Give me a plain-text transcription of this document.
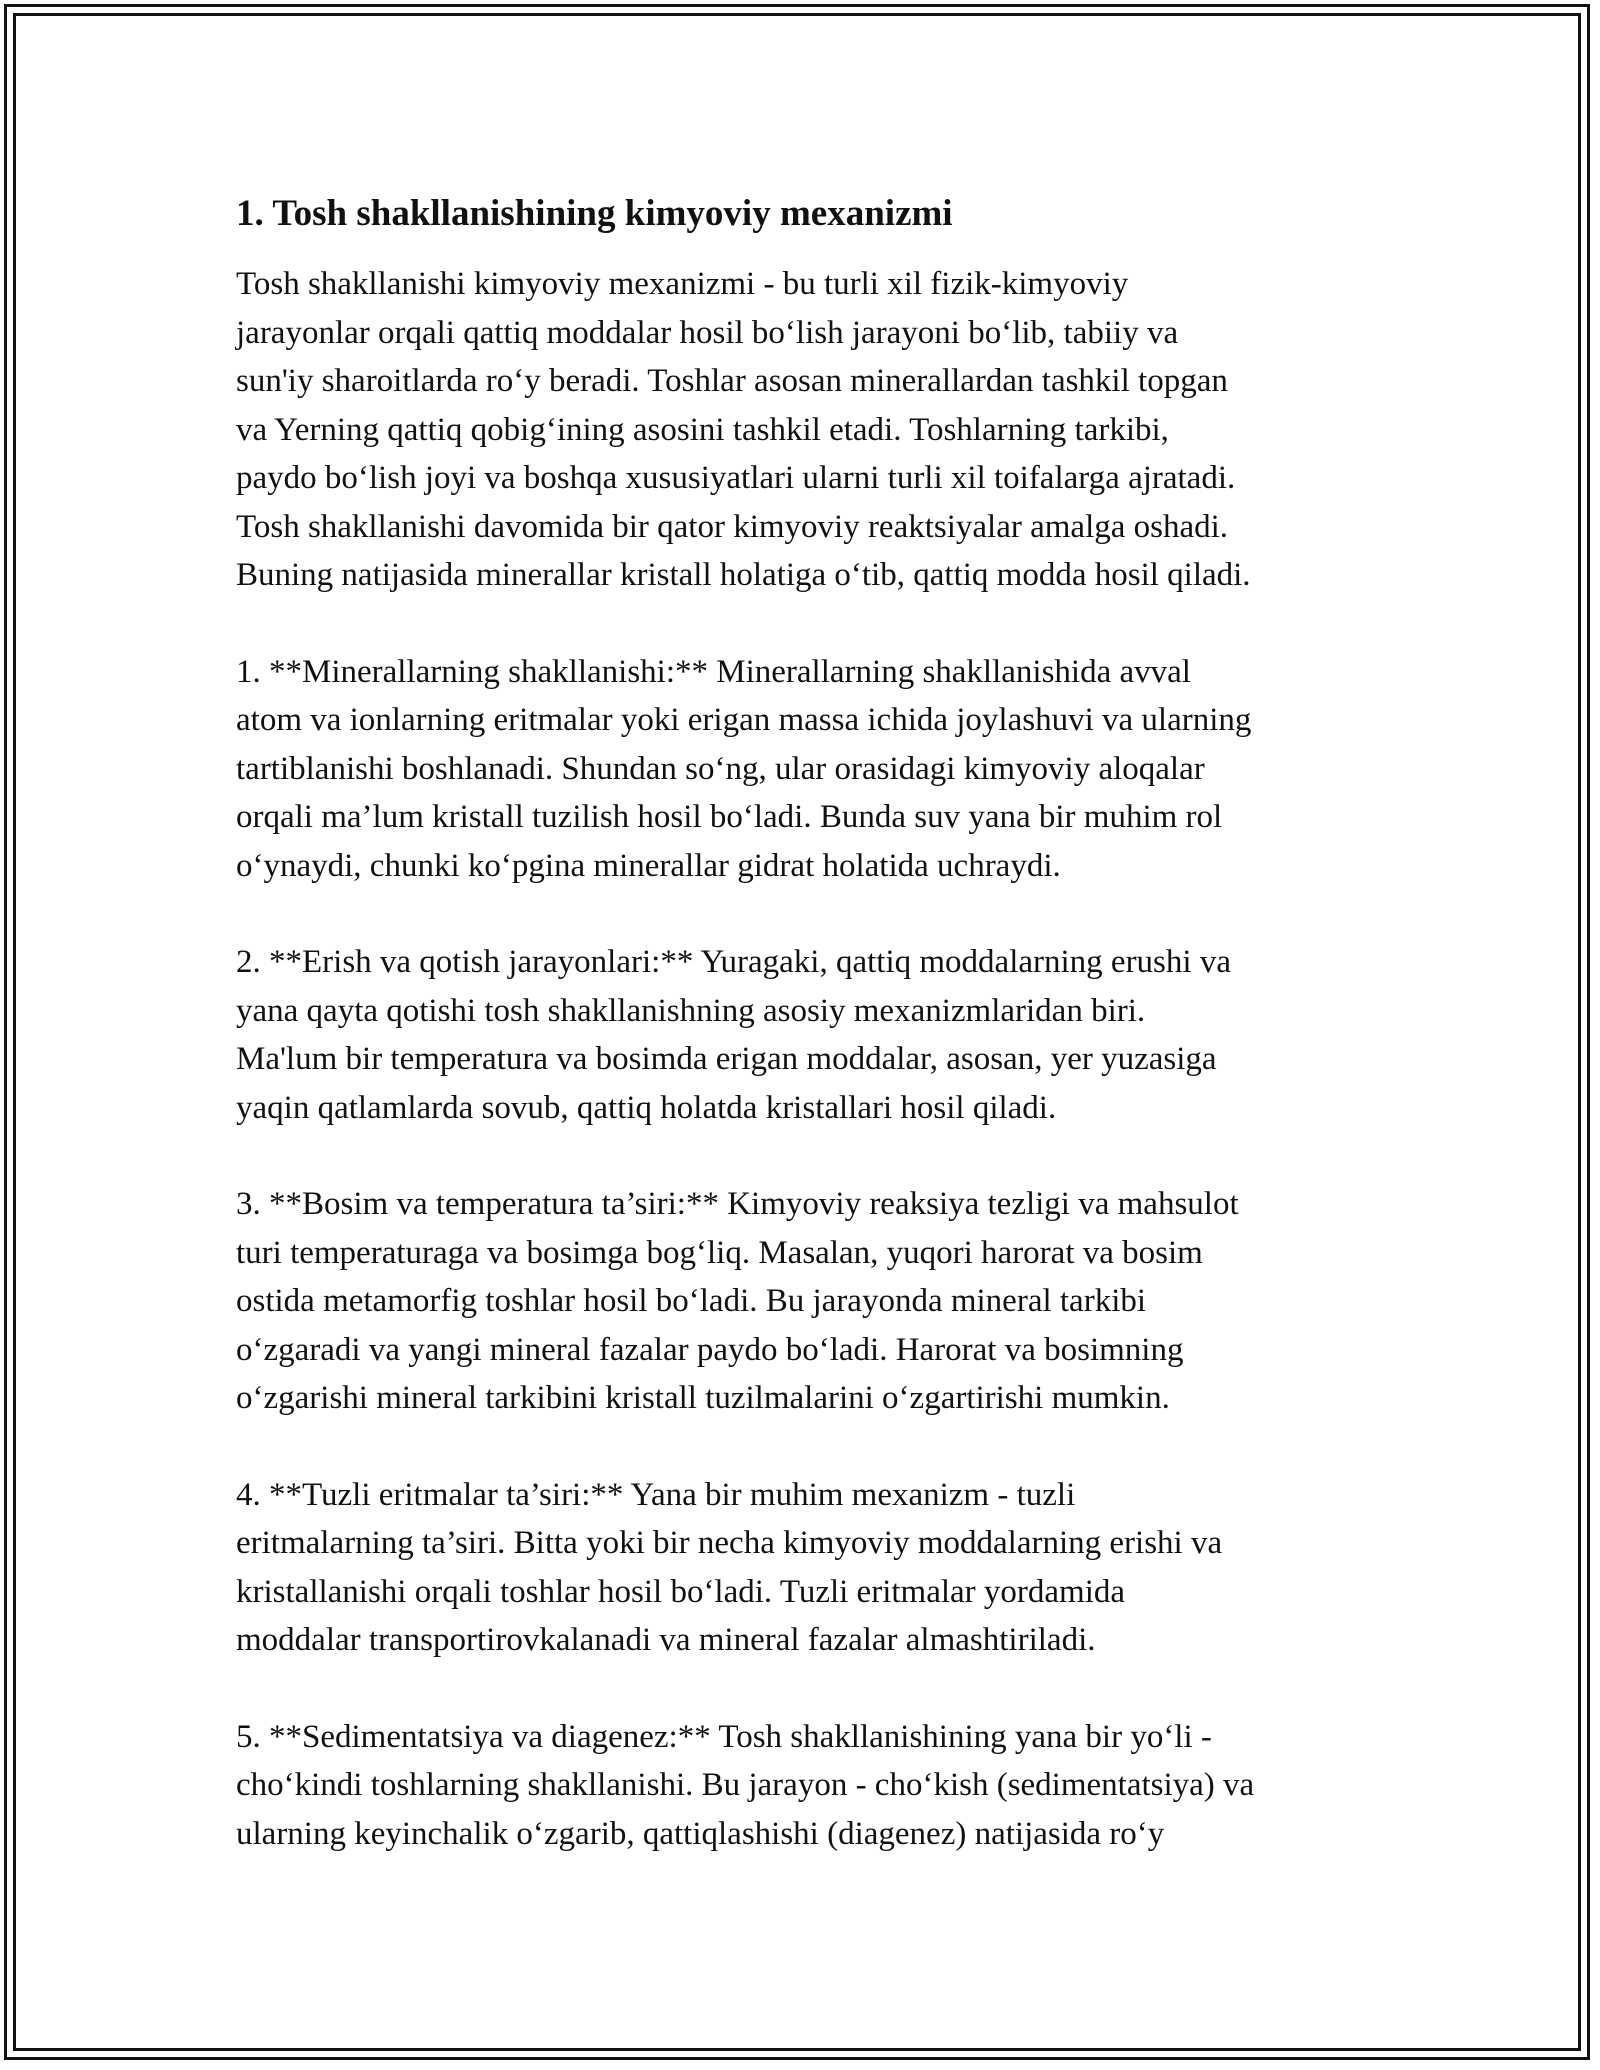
1. Tosh shakllanishining kimyoviy mexanizmi

Tosh shakllanishi kimyoviy mexanizmi - bu turli xil fizik-kimyoviy
jarayonlar orqali qattiq moddalar hosil bo‘lish jarayoni bo‘lib, tabiiy va
sun'iy sharoitlarda ro‘y beradi. Toshlar asosan minerallardan tashkil topgan
va Yerning qattiq qobig‘ining asosini tashkil etadi. Toshlarning tarkibi,
paydo bo‘lish joyi va boshqa xususiyatlari ularni turli xil toifalarga ajratadi.
Tosh shakllanishi davomida bir qator kimyoviy reaktsiyalar amalga oshadi.
Buning natijasida minerallar kristall holatiga o‘tib, qattiq modda hosil qiladi.

1. **Minerallarning shakllanishi:** Minerallarning shakllanishida avval
atom va ionlarning eritmalar yoki erigan massa ichida joylashuvi va ularning
tartiblanishi boshlanadi. Shundan so‘ng, ular orasidagi kimyoviy aloqalar
orqali ma’lum kristall tuzilish hosil bo‘ladi. Bunda suv yana bir muhim rol
o‘ynaydi, chunki ko‘pgina minerallar gidrat holatida uchraydi.

2. **Erish va qotish jarayonlari:** Yuragaki, qattiq moddalarning erushi va
yana qayta qotishi tosh shakllanishning asosiy mexanizmlaridan biri.
Ma'lum bir temperatura va bosimda erigan moddalar, asosan, yer yuzasiga
yaqin qatlamlarda sovub, qattiq holatda kristallari hosil qiladi.

3. **Bosim va temperatura ta’siri:** Kimyoviy reaksiya tezligi va mahsulot
turi temperaturaga va bosimga bog‘liq. Masalan, yuqori harorat va bosim
ostida metamorfig toshlar hosil bo‘ladi. Bu jarayonda mineral tarkibi
o‘zgaradi va yangi mineral fazalar paydo bo‘ladi. Harorat va bosimning
o‘zgarishi mineral tarkibini kristall tuzilmalarini o‘zgartirishi mumkin.

4. **Tuzli eritmalar ta’siri:** Yana bir muhim mexanizm - tuzli
eritmalarning ta’siri. Bitta yoki bir necha kimyoviy moddalarning erishi va
kristallanishi orqali toshlar hosil bo‘ladi. Tuzli eritmalar yordamida
moddalar transportirovkalanadi va mineral fazalar almashtiriladi.

5. **Sedimentatsiya va diagenez:** Tosh shakllanishining yana bir yo‘li -
cho‘kindi toshlarning shakllanishi. Bu jarayon - cho‘kish (sedimentatsiya) va
ularning keyinchalik o‘zgarib, qattiqlashishi (diagenez) natijasida ro‘y
